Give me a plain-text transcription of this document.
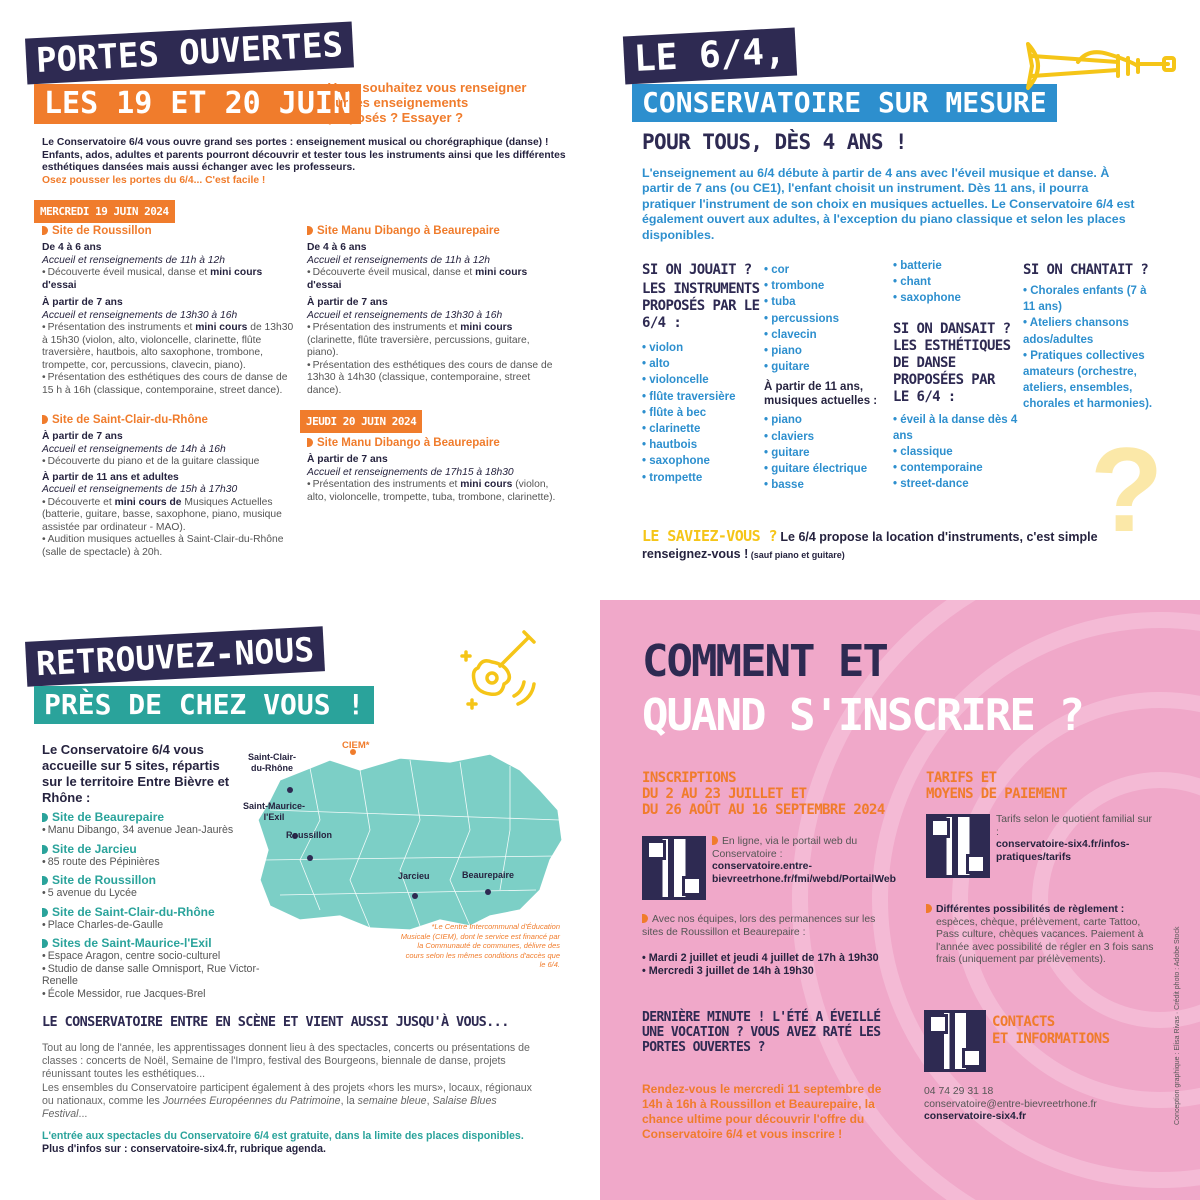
PORTES OUVERTES
LES 19 ET 20 JUIN
Vous souhaitez vous renseigner sur les enseignements proposés ? Essayer ?
Le Conservatoire 6/4 vous ouvre grand ses portes : enseignement musical ou chorégraphique (danse) ! Enfants, ados, adultes et parents pourront découvrir et tester tous les instruments ainsi que les différentes esthétiques dansées mais aussi échanger avec les professeurs.
Osez pousser les portes du 6/4... C'est facile !
MERCREDI 19 JUIN 2024
Site de Roussillon
De 4 à 6 ans
Accueil et renseignements de 11h à 12h
• Découverte éveil musical, danse et mini cours d'essai
À partir de 7 ans
Accueil et renseignements de 13h30 à 16h
• Présentation des instruments et mini cours de 13h30 à 15h30 (violon, alto, violoncelle, clarinette, flûte traversière, hautbois, alto saxophone, trombone, trompette, cor, percussions, clavecin, piano).
• Présentation des esthétiques des cours de danse de 15 h à 16h (classique, contemporaine, street dance).
Site de Saint-Clair-du-Rhône
À partir de 7 ans
Accueil et renseignements de 14h à 16h
• Découverte du piano et de la guitare classique
À partir de 11 ans et adultes
Accueil et renseignements de 15h à 17h30
• Découverte et mini cours de Musiques Actuelles (batterie, guitare, basse, saxophone, piano, musique assistée par ordinateur - MAO).
• Audition musiques actuelles à Saint-Clair-du-Rhône (salle de spectacle) à 20h.
Site Manu Dibango à Beaurepaire
De 4 à 6 ans
Accueil et renseignements de 11h à 12h
• Découverte éveil musical, danse et mini cours d'essai
À partir de 7 ans
Accueil et renseignements de 13h30 à 16h
• Présentation des instruments et mini cours (clarinette, flûte traversière, percussions, guitare, piano).
• Présentation des esthétiques des cours de danse de 13h30 à 14h30 (classique, contemporaine, street dance).
JEUDI 20 JUIN 2024
Site Manu Dibango à Beaurepaire
À partir de 7 ans
Accueil et renseignements de 17h15 à 18h30
• Présentation des instruments et mini cours (violon, alto, violoncelle, trompette, tuba, trombone, clarinette).
LE 6/4,
CONSERVATOIRE SUR MESURE
POUR TOUS, DÈS 4 ANS !
L'enseignement au 6/4 débute à partir de 4 ans avec l'éveil musique et danse. À partir de 7 ans (ou CE1), l'enfant choisit un instrument. Dès 11 ans, il pourra pratiquer l'instrument de son choix en musiques actuelles. Le Conservatoire 6/4 est également ouvert aux adultes, à l'exception du piano classique et selon les places disponibles.
SI ON JOUAIT ?
LES INSTRUMENTS PROPOSÉS PAR LE 6/4 :
• violon
• alto
• violoncelle
• flûte traversière
• flûte à bec
• clarinette
• hautbois
• saxophone
• trompette
• cor
• trombone
• tuba
• percussions
• clavecin
• piano
• guitare
À partir de 11 ans, musiques actuelles :
• piano
• claviers
• guitare
• guitare électrique
• basse
• batterie
• chant
• saxophone
SI ON DANSAIT ?
LES ESTHÉTIQUES DE DANSE PROPOSÉES PAR LE 6/4 :
• éveil à la danse dès 4 ans
• classique
• contemporaine
• street-dance
SI ON CHANTAIT ?
• Chorales enfants (7 à 11 ans)
• Ateliers chansons ados/adultes
• Pratiques collectives amateurs (orchestre, ateliers, ensembles, chorales et harmonies).
?
LE SAVIEZ-VOUS ? Le 6/4 propose la location d'instruments, c'est simple renseignez-vous ! (sauf piano et guitare)
RETROUVEZ-NOUS
PRÈS DE CHEZ VOUS !
Le Conservatoire 6/4 vous accueille sur 5 sites, répartis sur le territoire Entre Bièvre et Rhône :
Site de Beaurepaire
• Manu Dibango, 34 avenue Jean-Jaurès
Site de Jarcieu
• 85 route des Pépinières
Site de Roussillon
• 5 avenue du Lycée
Site de Saint-Clair-du-Rhône
• Place Charles-de-Gaulle
Sites de Saint-Maurice-l'Exil
• Espace Aragon, centre socio-culturel
• Studio de danse salle Omnisport, Rue Victor-Renelle
• École Messidor, rue Jacques-Brel
CIEM*
Saint-Clair-du-Rhône
Saint-Maurice-l'Exil
Roussillon
Jarcieu	Beaurepaire
*Le Centre Intercommunal d'Éducation Musicale (CIEM), dont le service est financé par la Communauté de communes, délivre des cours selon les mêmes conditions d'accès que le 6/4.
LE CONSERVATOIRE ENTRE EN SCÈNE ET VIENT AUSSI JUSQU'À VOUS...
Tout au long de l'année, les apprentissages donnent lieu à des spectacles, concerts ou présentations de classes : concerts de Noël, Semaine de l'Impro, festival des Bourgeons, biennale de danse, projets réunissant toutes les esthétiques...
Les ensembles du Conservatoire participent également à des projets «hors les murs», locaux, régionaux ou nationaux, comme les Journées Européennes du Patrimoine, la semaine bleue, Salaise Blues Festival...
L'entrée aux spectacles du Conservatoire 6/4 est gratuite, dans la limite des places disponibles. Plus d'infos sur : conservatoire-six4.fr, rubrique agenda.
COMMENT ET
QUAND S'INSCRIRE ?
INSCRIPTIONS
DU 2 AU 23 JUILLET ET
DU 26 AOÛT AU 16 SEPTEMBRE 2024
En ligne, via le portail web du Conservatoire :
conservatoire.entre-bievreetrhone.fr/fmi/webd/PortailWeb
Avec nos équipes, lors des permanences sur les sites de Roussillon et Beaurepaire :
• Mardi 2 juillet et jeudi 4 juillet de 17h à 19h30
• Mercredi 3 juillet de 14h à 19h30
TARIFS ET
MOYENS DE PAIEMENT
Tarifs selon le quotient familial sur :
conservatoire-six4.fr/infos-pratiques/tarifs
Différentes possibilités de règlement :
espèces, chèque, prélèvement, carte Tattoo, Pass culture, chèques vacances. Paiement à l'année avec possibilité de régler en 3 fois sans frais (uniquement par prélèvements).
DERNIÈRE MINUTE ! L'ÉTÉ A ÉVEILLÉ UNE VOCATION ? VOUS AVEZ RATÉ LES PORTES OUVERTES ?
Rendez-vous le mercredi 11 septembre de 14h à 16h à Roussillon et Beaurepaire, la chance ultime pour découvrir l'offre du Conservatoire 6/4 et vous inscrire !
CONTACTS
ET INFORMATIONS
04 74 29 31 18
conservatoire@entre-bievreetrhone.fr
conservatoire-six4.fr	Conception graphique : Elisa Rivas · Crédit photo : Adobe Stock
